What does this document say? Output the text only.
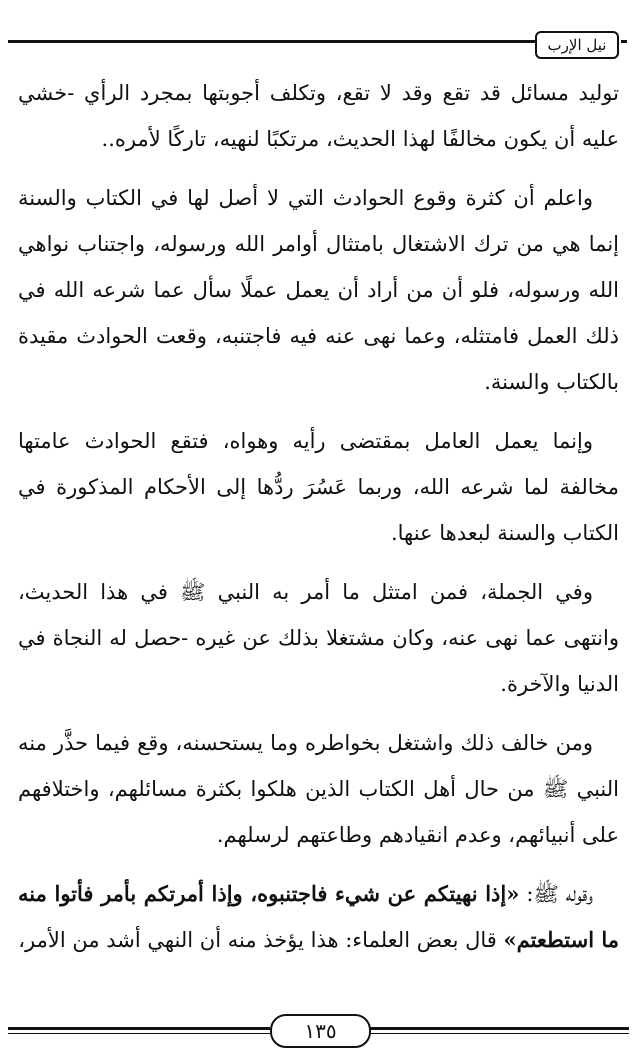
نيل الإرب

تولید مسائل قد تقع وقد لا تقع، وتكلف أجوبتها بمجرد الرأي -خشي عليه أن يكون مخالفًا لهذا الحديث، مرتكبًا لنهيه، تاركًا لأمره..

واعلم أن كثرة وقوع الحوادث التي لا أصل لها في الكتاب والسنة إنما هي من ترك الاشتغال بامتثال أوامر الله ورسوله، واجتناب نواهي الله ورسوله، فلو أن من أراد أن يعمل عملًا سأل عما شرعه الله في ذلك العمل فامتثله، وعما نهى عنه فيه فاجتنبه، وقعت الحوادث مقيدة بالكتاب والسنة.

وإنما يعمل العامل بمقتضى رأيه وهواه، فتقع الحوادث عامتها مخالفة لما شرعه الله، وربما عَسُرَ ردُّها إلى الأحكام المذكورة في الكتاب والسنة لبعدها عنها.

وفي الجملة، فمن امتثل ما أمر به النبي ﷺ في هذا الحديث، وانتهى عما نهى عنه، وكان مشتغلا بذلك عن غيره -حصل له النجاة في الدنيا والآخرة.

ومن خالف ذلك واشتغل بخواطره وما يستحسنه، وقع فيما حذَّر منه النبي ﷺ من حال أهل الكتاب الذين هلكوا بكثرة مسائلهم، واختلافهم على أنبيائهم، وعدم انقيادهم وطاعتهم لرسلهم.

وقوله ﷺ: «إذا نهيتكم عن شيء فاجتنبوه، وإذا أمرتكم بأمر فأتوا منه ما استطعتم» قال بعض العلماء: هذا يؤخذ منه أن النهي أشد من الأمر،

١٣٥
